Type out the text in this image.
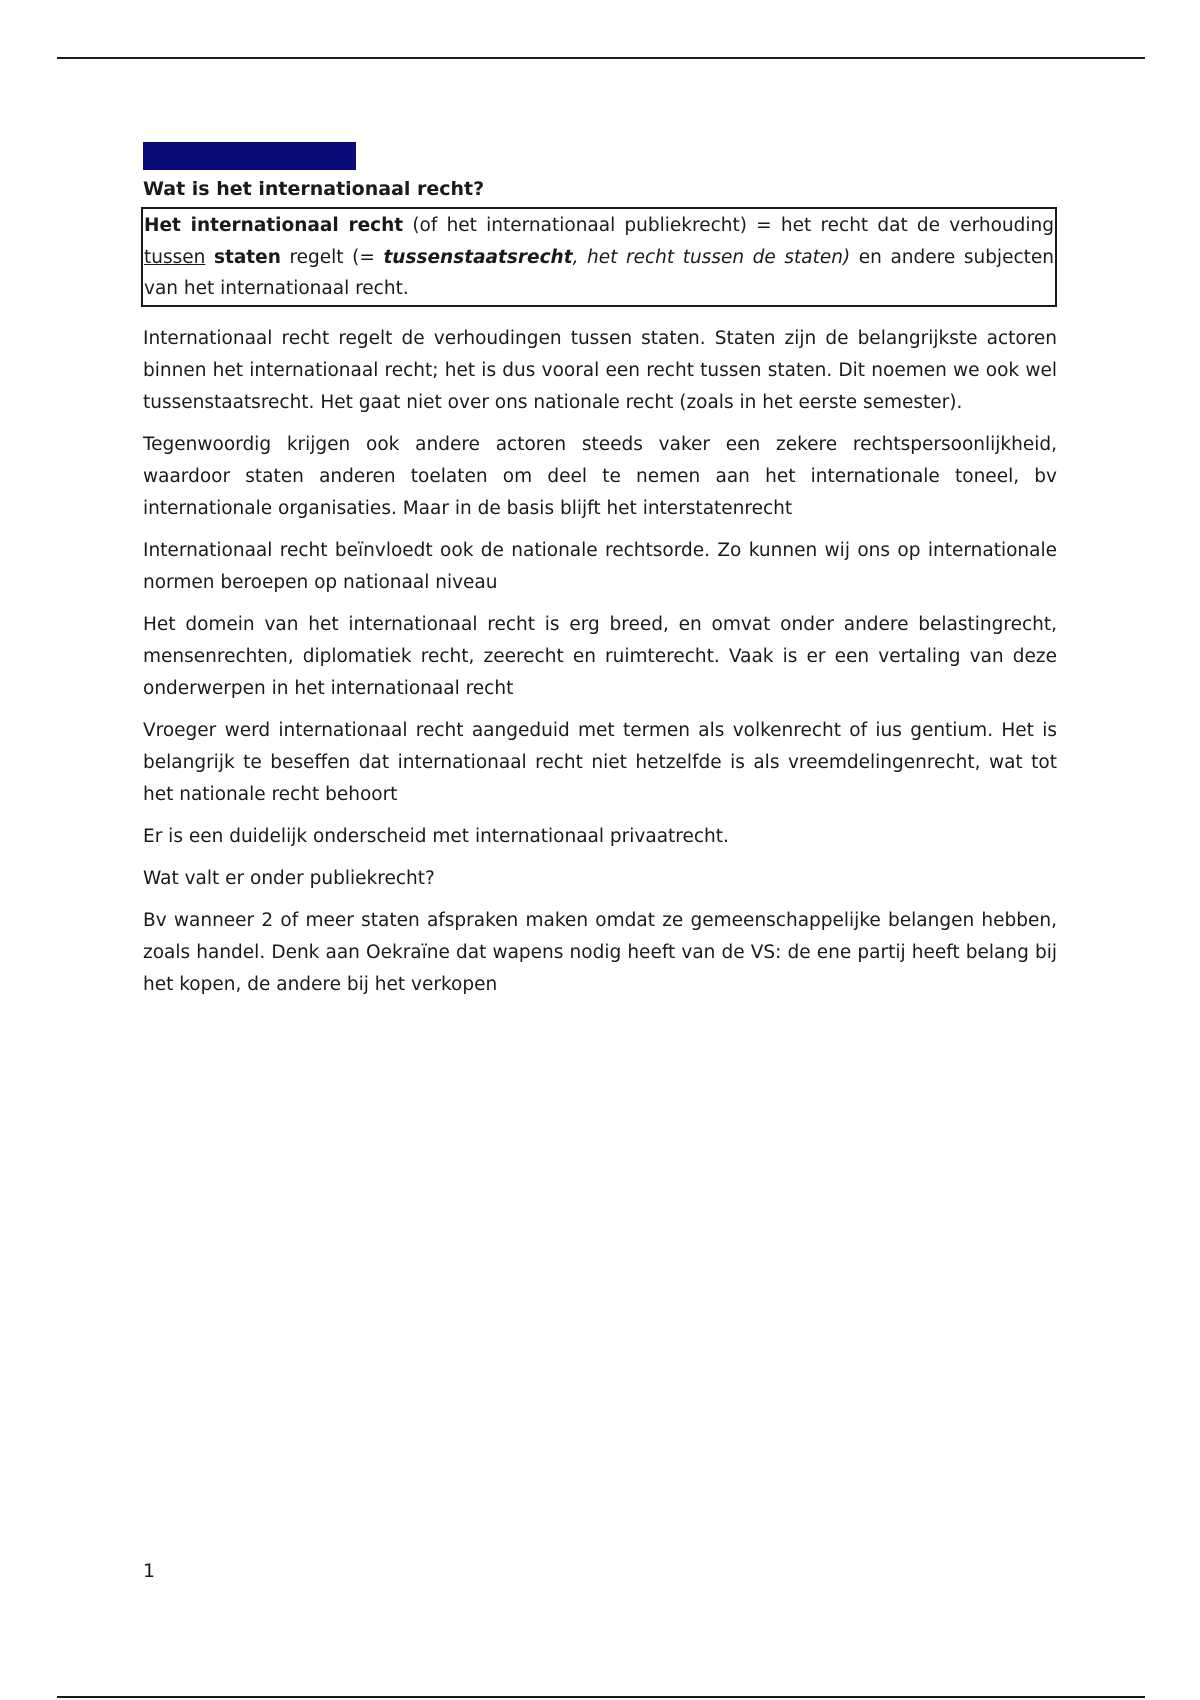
Hoofdstuk 1: Inleiding
Wat is het internationaal recht?
Het internationaal recht (of het internationaal publiekrecht) = het recht dat de verhouding tussen staten regelt (= tussenstaatsrecht, het recht tussen de staten) en andere subjecten van het internationaal recht.

Internationaal recht regelt de verhoudingen tussen staten. Staten zijn de belangrijkste actoren binnen het internationaal recht; het is dus vooral een recht tussen staten. Dit noemen we ook wel tussenstaatsrecht. Het gaat niet over ons nationale recht (zoals in het eerste semester).

Tegenwoordig krijgen ook andere actoren steeds vaker een zekere rechtspersoonlijkheid, waardoor staten anderen toelaten om deel te nemen aan het internationale toneel, bv internationale organisaties. Maar in de basis blijft het interstatenrecht

Internationaal recht beïnvloedt ook de nationale rechtsorde. Zo kunnen wij ons op internationale normen beroepen op nationaal niveau

Het domein van het internationaal recht is erg breed, en omvat onder andere belastingrecht, mensenrechten, diplomatiek recht, zeerecht en ruimterecht. Vaak is er een vertaling van deze onderwerpen in het internationaal recht

Vroeger werd internationaal recht aangeduid met termen als volkenrecht of ius gentium. Het is belangrijk te beseffen dat internationaal recht niet hetzelfde is als vreemdelingenrecht, wat tot het nationale recht behoort

Er is een duidelijk onderscheid met internationaal privaatrecht.

Wat valt er onder publiekrecht?

Bv wanneer 2 of meer staten afspraken maken omdat ze gemeenschappelijke belangen hebben, zoals handel. Denk aan Oekraïne dat wapens nodig heeft van de VS: de ene partij heeft belang bij het kopen, de andere bij het verkopen

1
